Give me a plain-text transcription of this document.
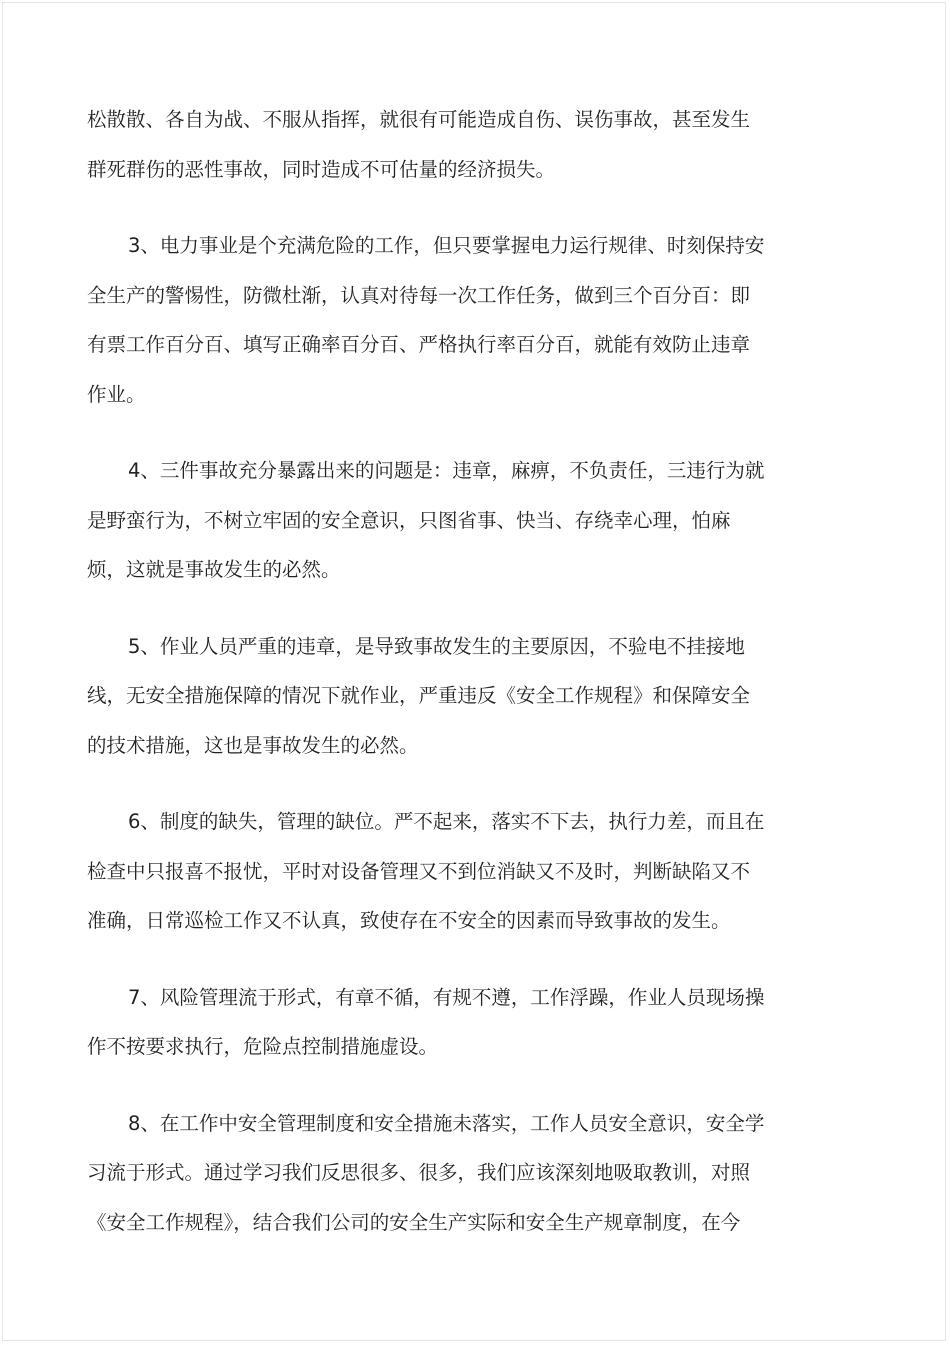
松散散、各自为战、不服从指挥，就很有可能造成自伤、误伤事故，甚至发生
群死群伤的恶性事故，同时造成不可估量的经济损失。
3、电力事业是个充满危险的工作，但只要掌握电力运行规律、时刻保持安
全生产的警惕性，防微杜渐，认真对待每一次工作任务，做到三个百分百：即
有票工作百分百、填写正确率百分百、严格执行率百分百，就能有效防止违章
作业。
4、三件事故充分暴露出来的问题是：违章，麻痹，不负责任，三违行为就
是野蛮行为，不树立牢固的安全意识，只图省事、快当、存绕幸心理，怕麻
烦，这就是事故发生的必然。
5、作业人员严重的违章，是导致事故发生的主要原因，不验电不挂接地
线，无安全措施保障的情况下就作业，严重违反《安全工作规程》和保障安全
的技术措施，这也是事故发生的必然。
6、制度的缺失，管理的缺位。严不起来，落实不下去，执行力差，而且在
检查中只报喜不报忧，平时对设备管理又不到位消缺又不及时，判断缺陷又不
准确，日常巡检工作又不认真，致使存在不安全的因素而导致事故的发生。
7、风险管理流于形式，有章不循，有规不遵，工作浮躁，作业人员现场操
作不按要求执行，危险点控制措施虚设。
8、在工作中安全管理制度和安全措施未落实，工作人员安全意识，安全学
习流于形式。通过学习我们反思很多、很多，我们应该深刻地吸取教训，对照
《安全工作规程》，结合我们公司的安全生产实际和安全生产规章制度，在今
